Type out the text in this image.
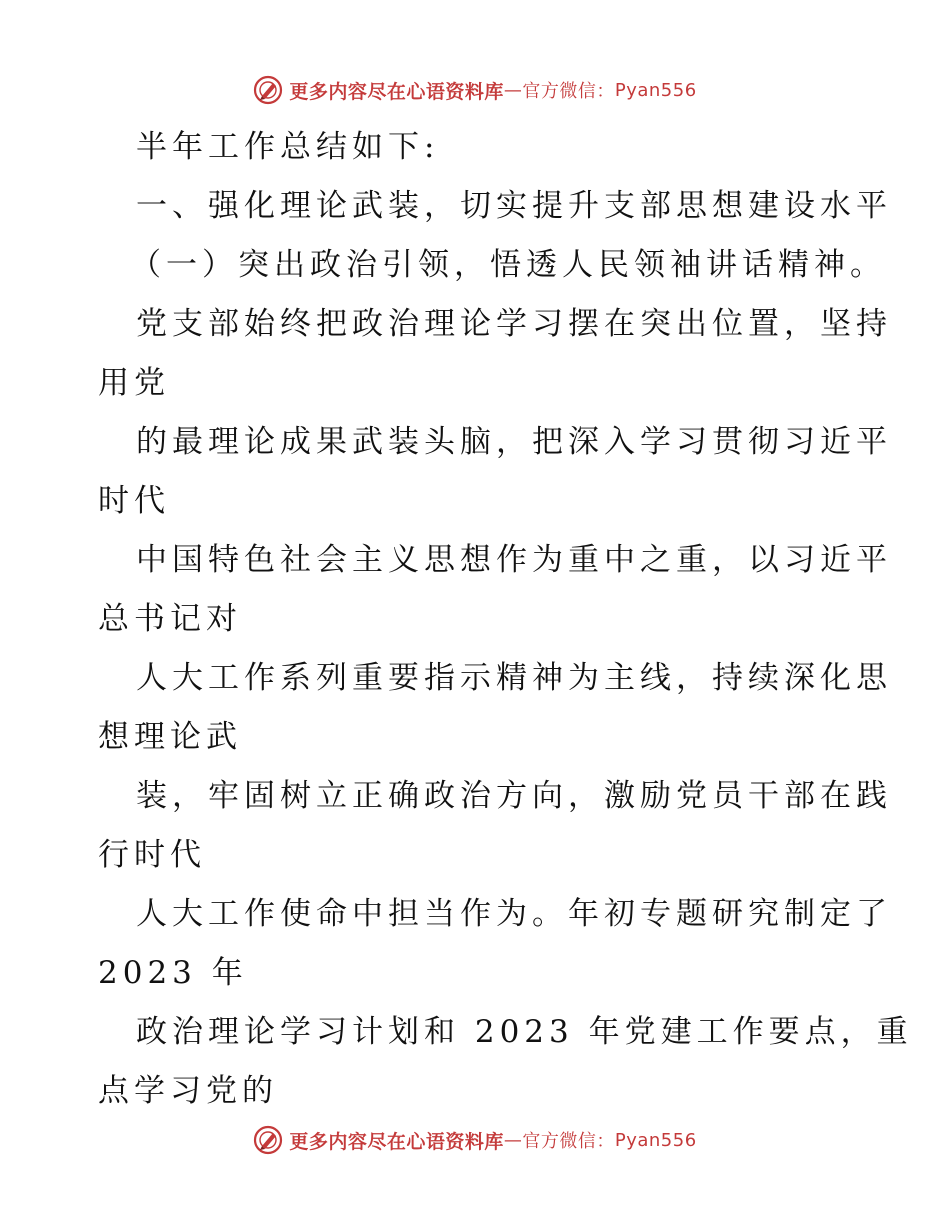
更多内容尽在心语资料库 — 官方微信： Pyan556
半年工作总结如下:
一、强化理论武装，切实提升支部思想建设水平
（一）突出政治引领，悟透人民领袖讲话精神。
党支部始终把政治理论学习摆在突出位置，坚持
用党
的最理论成果武装头脑，把深入学习贯彻习近平
时代
中国特色社会主义思想作为重中之重，以习近平
总书记对
人大工作系列重要指示精神为主线，持续深化思
想理论武
装，牢固树立正确政治方向，激励党员干部在践
行时代
人大工作使命中担当作为。年初专题研究制定了
2023 年
政治理论学习计划和 2023 年党建工作要点，重
点学习党的
更多内容尽在心语资料库 — 官方微信： Pyan556
